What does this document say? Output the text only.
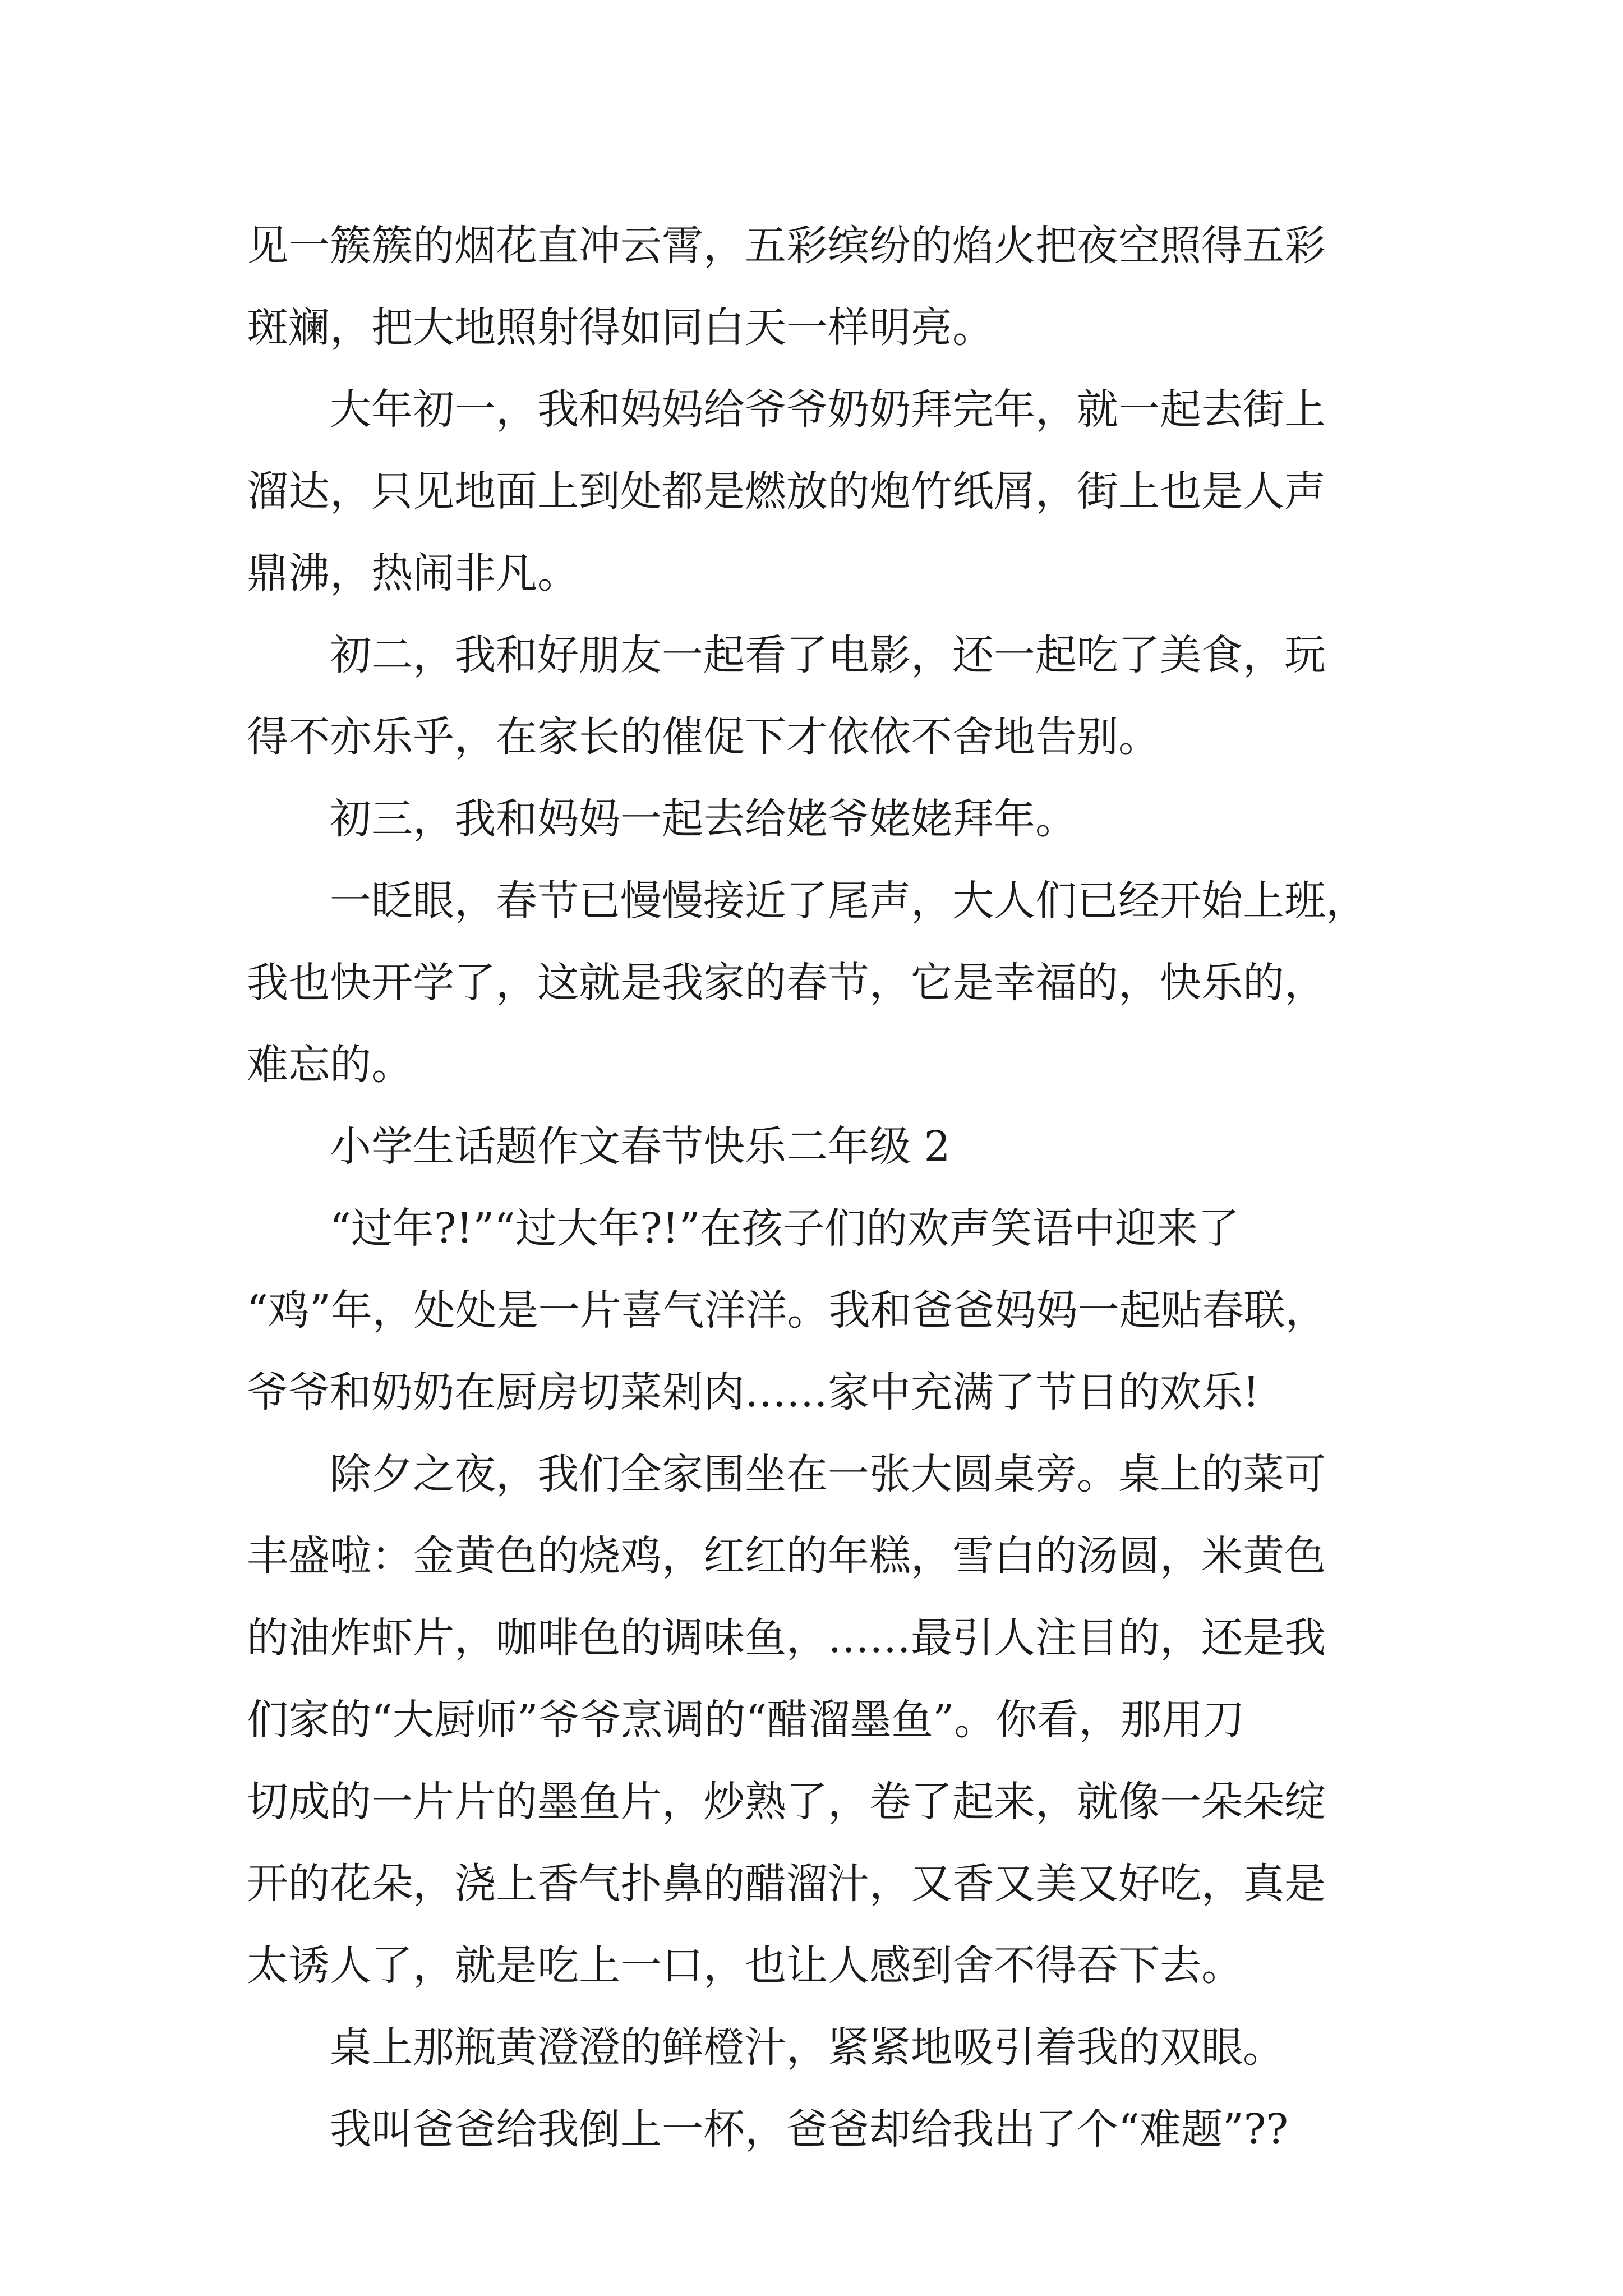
见一簇簇的烟花直冲云霄，五彩缤纷的焰火把夜空照得五彩
斑斓，把大地照射得如同白天一样明亮。
大年初一，我和妈妈给爷爷奶奶拜完年，就一起去街上
溜达，只见地面上到处都是燃放的炮竹纸屑，街上也是人声
鼎沸，热闹非凡。
初二，我和好朋友一起看了电影，还一起吃了美食，玩
得不亦乐乎，在家长的催促下才依依不舍地告别。
初三，我和妈妈一起去给姥爷姥姥拜年。
一眨眼，春节已慢慢接近了尾声，大人们已经开始上班，
我也快开学了，这就是我家的春节，它是幸福的，快乐的，
难忘的。
小学生话题作文春节快乐二年级 2
“过年?!”“过大年?!”在孩子们的欢声笑语中迎来了
“鸡”年，处处是一片喜气洋洋。我和爸爸妈妈一起贴春联，
爷爷和奶奶在厨房切菜剁肉……家中充满了节日的欢乐!
除夕之夜，我们全家围坐在一张大圆桌旁。桌上的菜可
丰盛啦：金黄色的烧鸡，红红的年糕，雪白的汤圆，米黄色
的油炸虾片，咖啡色的调味鱼，……最引人注目的，还是我
们家的“大厨师”爷爷烹调的“醋溜墨鱼”。你看，那用刀
切成的一片片的墨鱼片，炒熟了，卷了起来，就像一朵朵绽
开的花朵，浇上香气扑鼻的醋溜汁，又香又美又好吃，真是
太诱人了，就是吃上一口，也让人感到舍不得吞下去。
桌上那瓶黄澄澄的鲜橙汁，紧紧地吸引着我的双眼。
我叫爸爸给我倒上一杯，爸爸却给我出了个“难题”??
